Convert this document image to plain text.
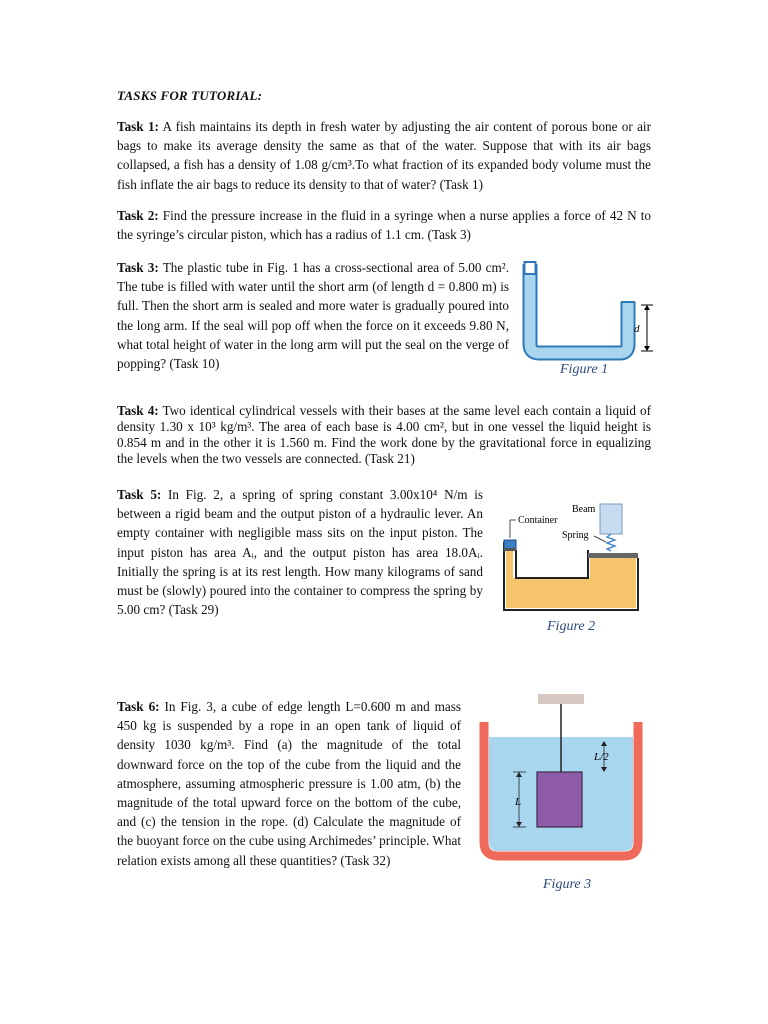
TASKS FOR TUTORIAL:

Task 1: A fish maintains its depth in fresh water by adjusting the air content of porous bone or air bags to make its average density the same as that of the water. Suppose that with its air bags collapsed, a fish has a density of 1.08 g/cm³.To what fraction of its expanded body volume must the fish inflate the air bags to reduce its density to that of water? (Task 1)

Task 2: Find the pressure increase in the fluid in a syringe when a nurse applies a force of 42 N to the syringe’s circular piston, which has a radius of 1.1 cm. (Task 3)

Task 3: The plastic tube in Fig. 1 has a cross-sectional area of 5.00 cm². The tube is filled with water until the short arm (of length d = 0.800 m) is full. Then the short arm is sealed and more water is gradually poured into the long arm. If the seal will pop off when the force on it exceeds 9.80 N, what total height of water in the long arm will put the seal on the verge of popping? (Task 10)

d
Figure 1

Task 4: Two identical cylindrical vessels with their bases at the same level each contain a liquid of density 1.30 x 10³ kg/m³. The area of each base is 4.00 cm², but in one vessel the liquid height is 0.854 m and in the other it is 1.560 m. Find the work done by the gravitational force in equalizing the levels when the two vessels are connected. (Task 21)

Task 5: In Fig. 2, a spring of spring constant 3.00x10⁴ N/m is between a rigid beam and the output piston of a hydraulic lever. An empty container with negligible mass sits on the input piston. The input piston has area Aᵢ, and the output piston has area 18.0Aᵢ. Initially the spring is at its rest length. How many kilograms of sand must be (slowly) poured into the container to compress the spring by 5.00 cm? (Task 29)

Container
Beam
Spring
Figure 2

Task 6: In Fig. 3, a cube of edge length L=0.600 m and mass 450 kg is suspended by a rope in an open tank of liquid of density 1030 kg/m³. Find (a) the magnitude of the total downward force on the top of the cube from the liquid and the atmosphere, assuming atmospheric pressure is 1.00 atm, (b) the magnitude of the total upward force on the bottom of the cube, and (c) the tension in the rope. (d) Calculate the magnitude of the buoyant force on the cube using Archimedes’ principle. What relation exists among all these quantities? (Task 32)

L/2
L
Figure 3
